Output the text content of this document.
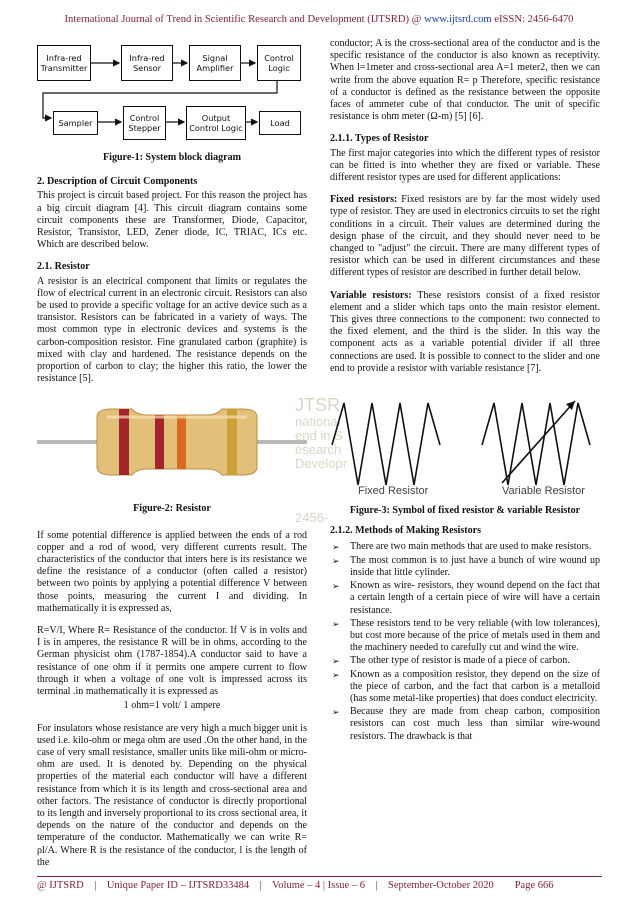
International Journal of Trend in Scientific Research and Development (IJTSRD) @ www.ijtsrd.com eISSN: 2456-6470
JTSR
national
end in S
esearch
Developr
2456-
Infra-red Transmitter
Infra-red Sensor
Signal Amplifier
Control Logic
Sampler	Control Stepper
Output Control Logic	Load
Figure-1: System block diagram
2. Description of Circuit Components

This project is circuit based project. For this reason the project has a big circuit diagram [4]. This circuit diagram contains some circuit components these are Transformer, Diode, Capacitor, Resistor, Transistor, LED, Zener diode, IC, TRIAC, ICs etc. Which are described below.

2.1. Resistor

A resistor is an electrical component that limits or regulates the flow of electrical current in an electronic circuit. Resistors can also be used to provide a specific voltage for an active device such as a transistor. Resistors can be fabricated in a variety of ways. The most common type in electronic devices and systems is the carbon-composition resistor. Fine granulated carbon (graphite) is mixed with clay and hardened. The resistance depends on the proportion of carbon to clay; the higher this ratio, the lower the resistance [5].

Figure-2: Resistor

If some potential difference is applied between the ends of a rod copper and a rod of wood, very different currents result. The characteristics of the conductor that inters here is its resistance we define the resistance of a conductor (often called a resistor) between two points by applying a potential difference V between those points, measuring the current I and dividing. In mathematically it is expressed as,

R=V/I, Where R= Resistance of the conductor. If V is in volts and I is in amperes, the resistance R will be in ohms, according to the German physicist ohm (1787-1854).A conductor said to have a resistance of one ohm if it permits one ampere current to flow through it when a voltage of one volt is impressed across its terminal .in mathematically it is expressed as

1 ohm=1 volt/ 1 ampere

For insulators whose resistance are very high a much bigger unit is used i.e. kilo-ohm or mega ohm are used .On the other hand, in the case of very small resistance, smaller units like mili-ohm or micro-ohm are used. It is denoted by. Depending on the physical properties of the material each conductor will have a different resistance from which it is its length and cross-sectional area and other factors. The resistance of conductor is directly proportional to its length and inversely proportional to its cross sectional area, it depends on the nature of the conductor and depends on the temperature of the conductor. Mathematically we can write R= ρl/A. Where R is the resistance of the conductor, l is the length of the

conductor; A is the cross-sectional area of the conductor and is the specific resistance of the conductor is also known as receptivity. When l=1meter and cross-sectional area A=1 meter2, then we can write from the above equation R= p Therefore, specific resistance of a conductor is defined as the resistance between the opposite faces of ammeter cube of that conductor. The unit of specific resistance is ohm meter (Ω-m) [5] [6].

2.1.1. Types of Resistor

The first major categories into which the different types of resistor can be fitted is into whether they are fixed or variable. These different resistor types are used for different applications:

Fixed resistors: Fixed resistors are by far the most widely used type of resistor. They are used in electronics circuits to set the right conditions in a circuit. Their values are determined during the design phase of the circuit, and they should never need to be changed to "adjust" the circuit. There are many different types of resistor which can be used in different circumstances and these different types of resistor are described in further detail below.

Variable resistors: These resistors consist of a fixed resistor element and a slider which taps onto the main resistor element. This gives three connections to the component: two connected to the fixed element, and the third is the slider. In this way the component acts as a variable potential divider if all three connections are used. It is possible to connect to the slider and one end to provide a resistor with variable resistance [7].

Fixed Resistor	Variable Resistor
Figure-3: Symbol of fixed resistor & variable Resistor
2.1.2. Methods of Making Resistors
➢ There are two main methods that are used to make resistors.
➢ The most common is to just have a bunch of wire wound up inside that little cylinder.
➢ Known as wire- resistors, they wound depend on the fact that a certain length of a certain piece of wire will have a certain resistance.
➢ These resistors tend to be very reliable (with low tolerances), but cost more because of the price of metals used in them and the machinery needed to carefully cut and wind the wire.
➢ The other type of resistor is made of a piece of carbon.
➢ Known as a composition resistor, they depend on the size of the piece of carbon, and the fact that carbon is a metalloid (has some metal-like properties) that does conduct electricity.
➢ Because they are made from cheap carbon, composition resistors can cost much less than similar wire-wound resistors. The drawback is that
@ IJTSRD    |    Unique Paper ID – IJTSRD33484    |    Volume – 4 | Issue – 6    |    September-October 2020        Page 666
